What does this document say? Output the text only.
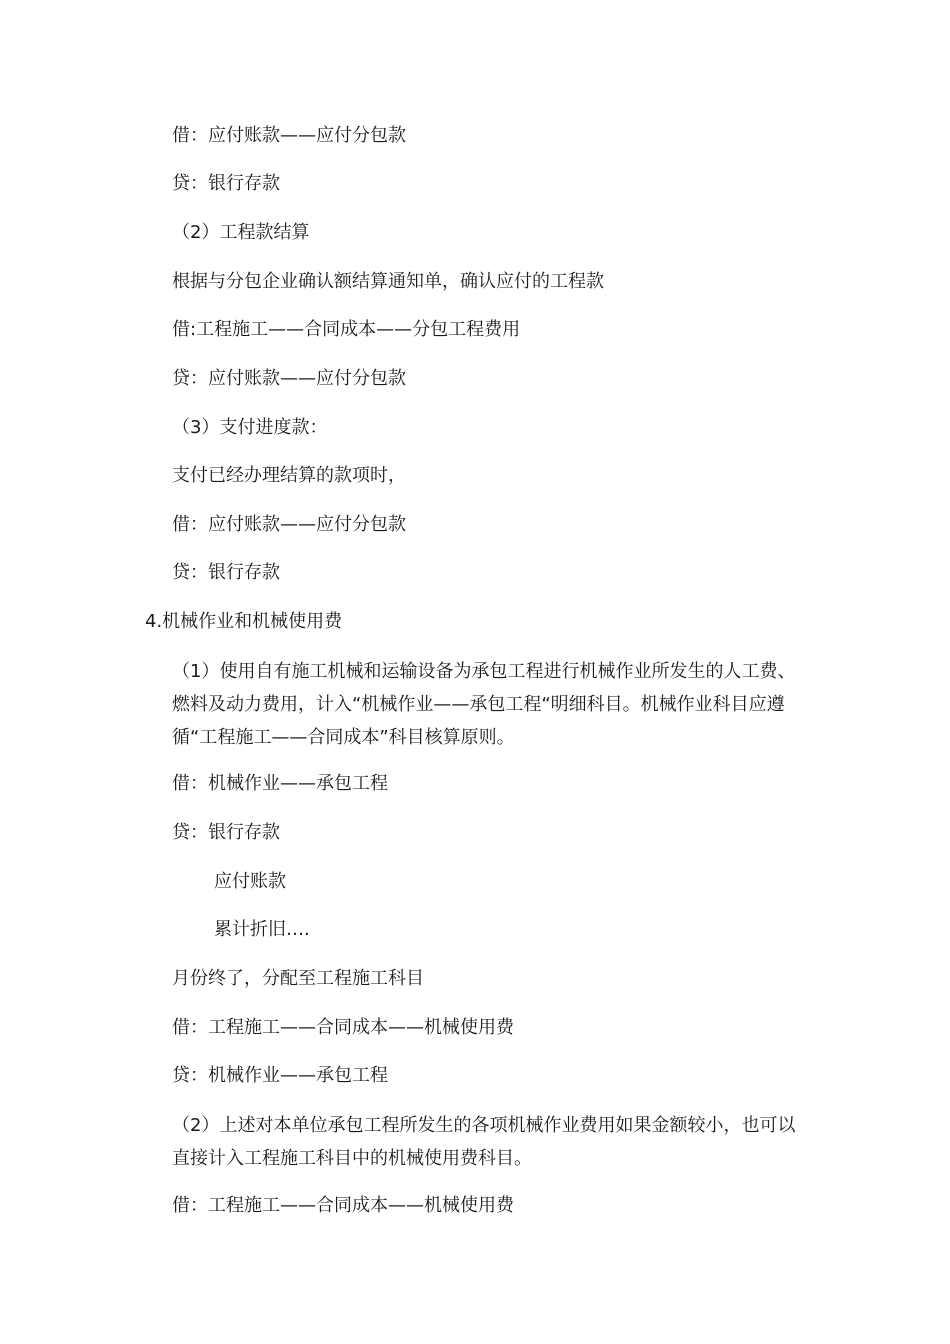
借：应付账款——应付分包款
贷：银行存款
（2）工程款结算
根据与分包企业确认额结算通知单，确认应付的工程款
借:工程施工——合同成本——分包工程费用
贷：应付账款——应付分包款
（3）支付进度款：
支付已经办理结算的款项时，
借：应付账款——应付分包款
贷：银行存款
4.机械作业和机械使用费
（1）使用自有施工机械和运输设备为承包工程进行机械作业所发生的人工费、燃料及动力费用，计入“机械作业——承包工程“明细科目。机械作业科目应遵循“工程施工——合同成本”科目核算原则。
借：机械作业——承包工程
贷：银行存款
应付账款
累计折旧….
月份终了，分配至工程施工科目
借：工程施工——合同成本——机械使用费
贷：机械作业——承包工程
（2）上述对本单位承包工程所发生的各项机械作业费用如果金额较小，也可以直接计入工程施工科目中的机械使用费科目。
借：工程施工——合同成本——机械使用费
